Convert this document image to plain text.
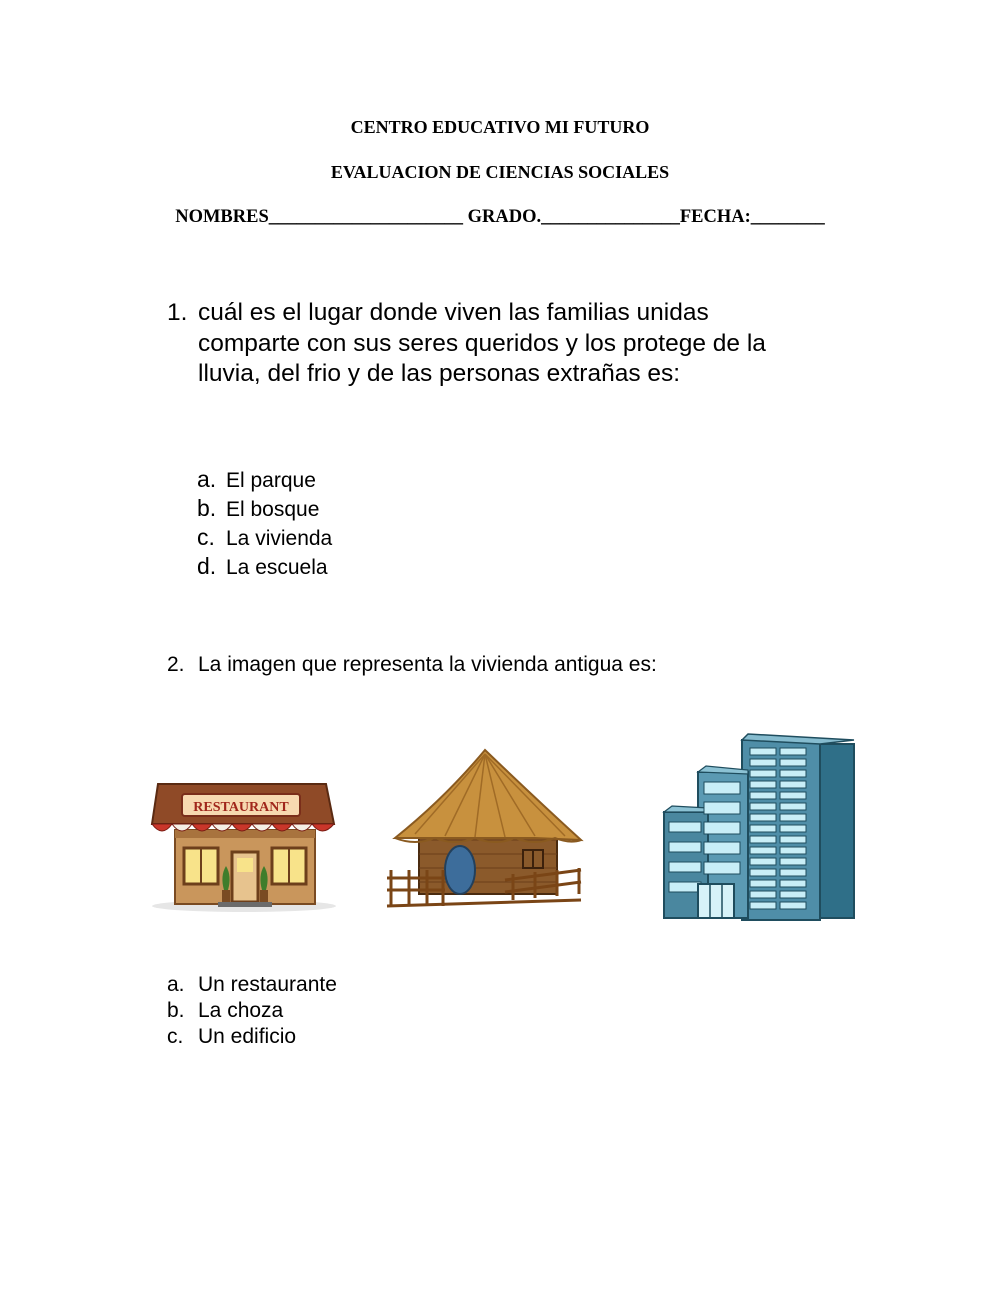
CENTRO EDUCATIVO MI FUTURO
EVALUACION DE CIENCIAS SOCIALES
NOMBRES_____________________ GRADO._______________FECHA:________
1. cuál es el lugar donde viven las familias unidas
comparte con sus seres queridos y los protege de la
lluvia, del frio y de las personas extrañas es:
a. El parque
b. El bosque
c. La vivienda
d. La escuela
2. La imagen que representa la vivienda antigua es:
RESTAURANT
a. Un restaurante
b. La choza
c. Un edificio
